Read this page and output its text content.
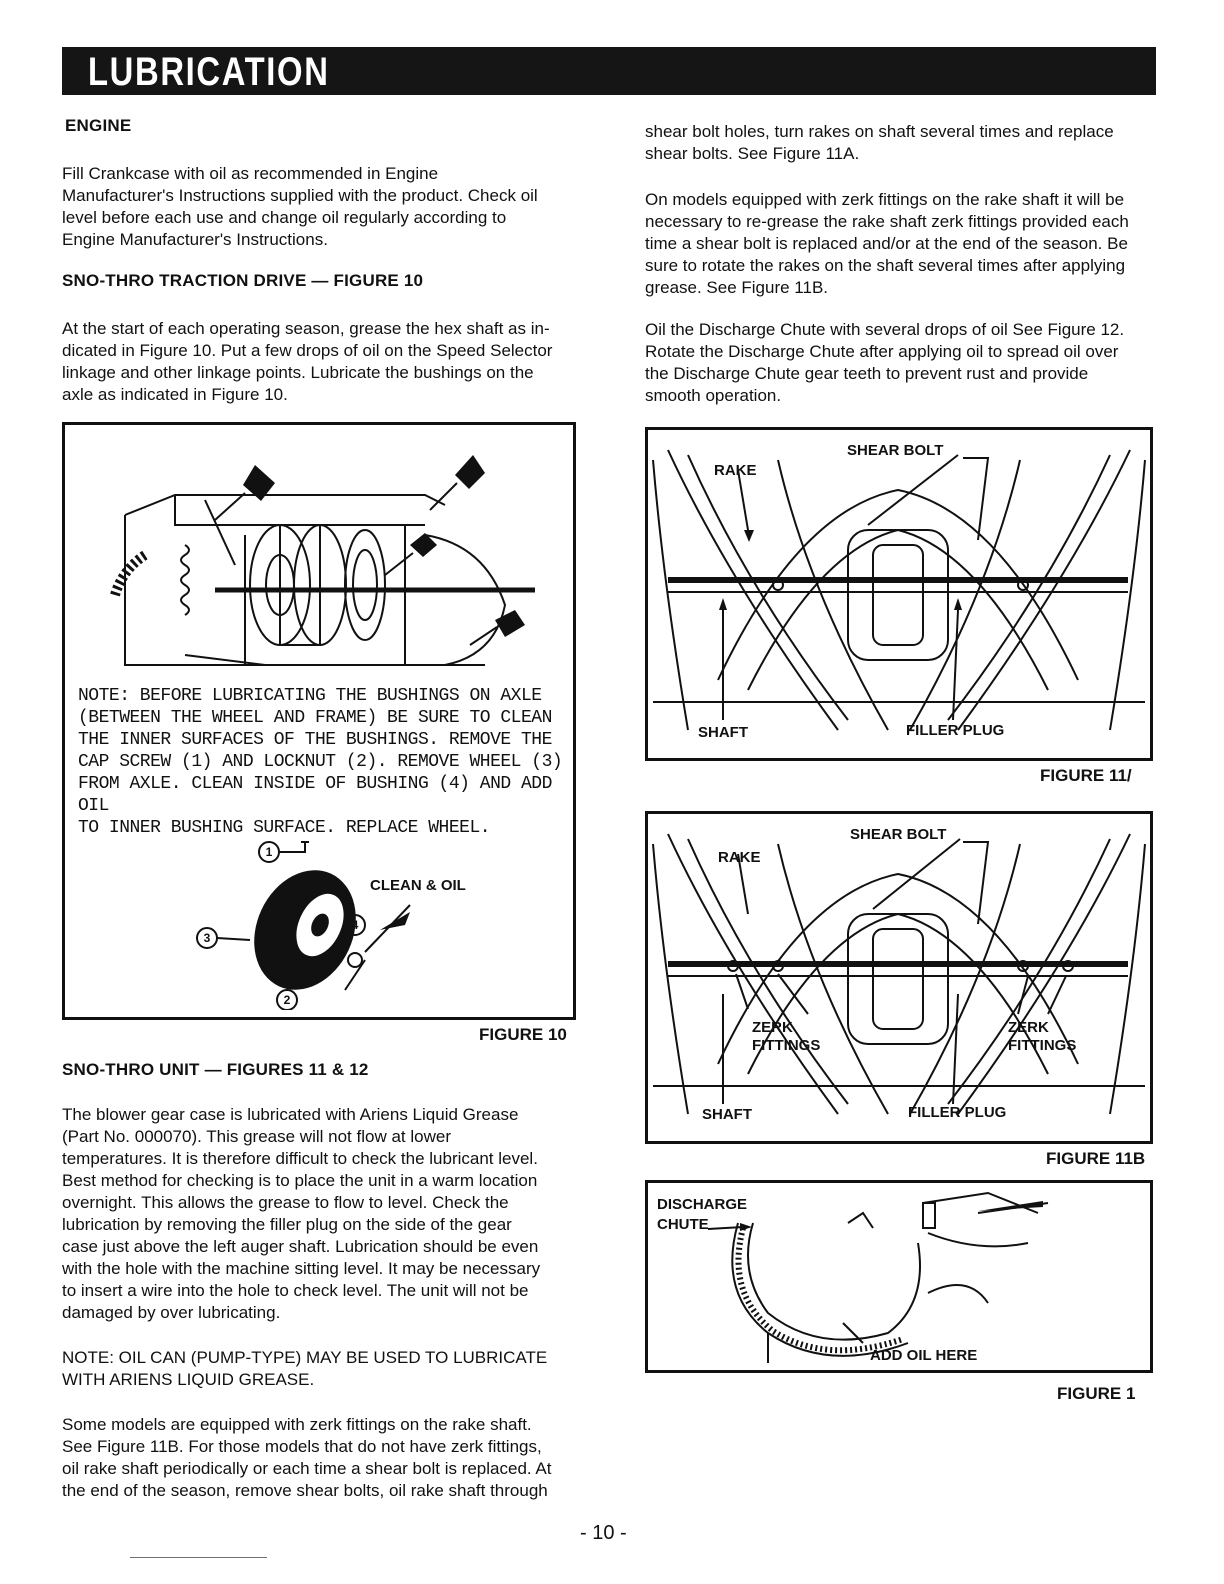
LUBRICATION
ENGINE
Fill Crankcase with oil as recommended in Engine
Manufacturer's Instructions supplied with the product. Check oil
level before each use and change oil regularly according to
Engine Manufacturer's Instructions.
SNO-THRO TRACTION DRIVE — FIGURE 10
At the start of each operating season, grease the hex shaft as in-
dicated in Figure 10. Put a few drops of oil on the Speed Selector
linkage and other linkage points. Lubricate the bushings on the
axle as indicated in Figure 10.
NOTE: BEFORE LUBRICATING THE BUSHINGS ON AXLE
(BETWEEN THE WHEEL AND FRAME) BE SURE TO CLEAN
THE INNER SURFACES OF THE BUSHINGS. REMOVE THE
CAP SCREW (1) AND LOCKNUT (2). REMOVE WHEEL (3)
FROM AXLE. CLEAN INSIDE OF BUSHING (4) AND ADD OIL
TO INNER BUSHING SURFACE. REPLACE WHEEL.
1
2
3
4
CLEAN & OIL
FIGURE 10
SNO-THRO UNIT — FIGURES 11 & 12
The blower gear case is lubricated with Ariens Liquid Grease
(Part No. 000070). This grease will not flow at lower
temperatures. It is therefore difficult to check the lubricant level.
Best method for checking is to place the unit in a warm location
overnight. This allows the grease to flow to level. Check the
lubrication by removing the filler plug on the side of the gear
case just above the left auger shaft. Lubrication should be even
with the hole with the machine sitting level. It may be necessary
to insert a wire into the hole to check level. The unit will not be
damaged by over lubricating.
NOTE: OIL CAN (PUMP-TYPE) MAY BE USED TO LUBRICATE
WITH ARIENS LIQUID GREASE.
Some models are equipped with zerk fittings on the rake shaft.
See Figure 11B. For those models that do not have zerk fittings,
oil rake shaft periodically or each time a shear bolt is replaced. At
the end of the season, remove shear bolts, oil rake shaft through
shear bolt holes, turn rakes on shaft several times and replace
shear bolts. See Figure 11A.
On models equipped with zerk fittings on the rake shaft it will be
necessary to re-grease the rake shaft zerk fittings provided each
time a shear bolt is replaced and/or at the end of the season. Be
sure to rotate the rakes on the shaft several times after applying
grease. See Figure 11B.
Oil the Discharge Chute with several drops of oil See Figure 12.
Rotate the Discharge Chute after applying oil to spread oil over
the Discharge Chute gear teeth to prevent rust and provide
smooth operation.
RAKE
SHEAR BOLT
SHAFT	FILLER PLUG
FIGURE 11/
RAKE
SHEAR BOLT
ZERK
FITTINGS
ZERK
FITTINGS
SHAFT	FILLER PLUG
FIGURE 11B
DISCHARGE
CHUTE
ADD OIL HERE
FIGURE 1
- 10 -
